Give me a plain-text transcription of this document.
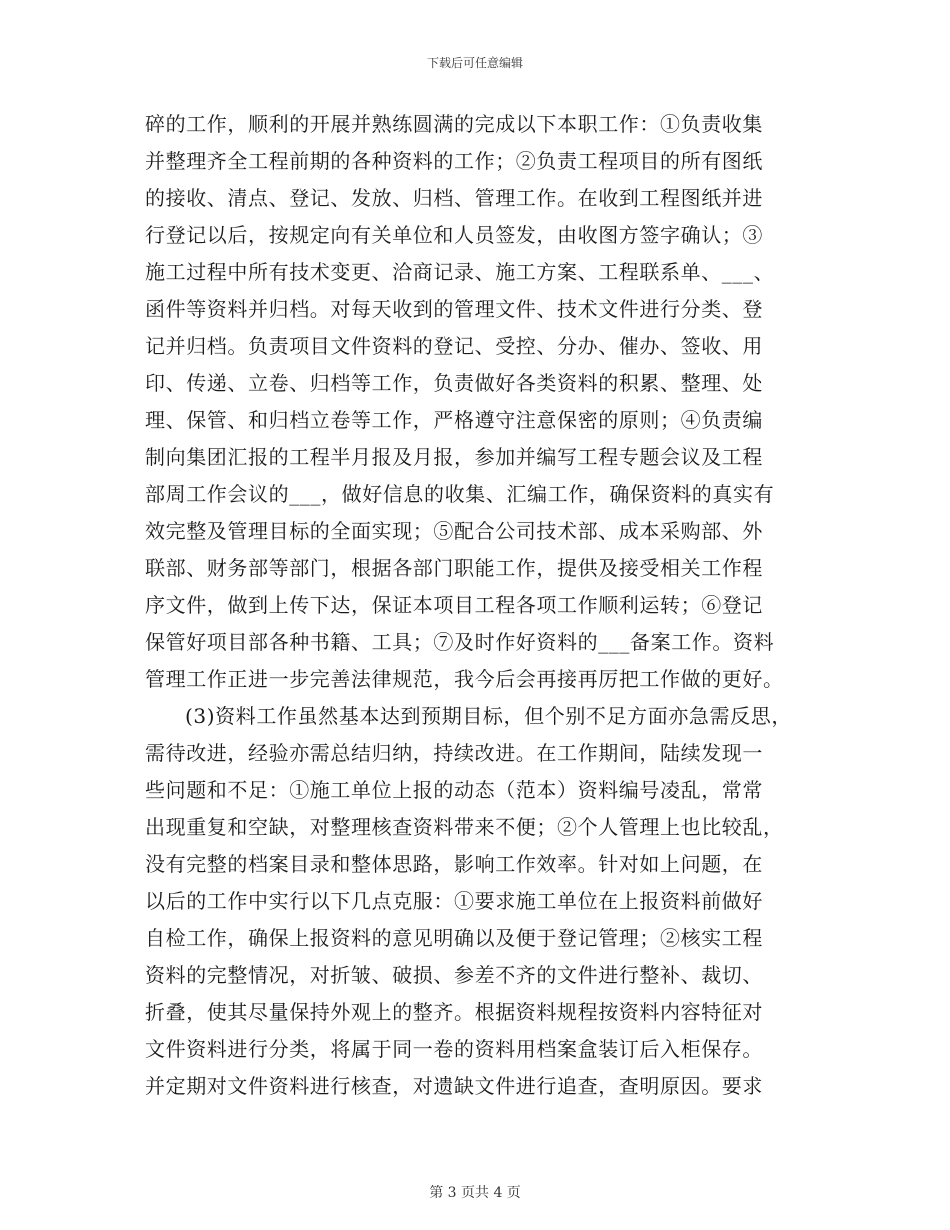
下载后可任意编辑
碎的工作，顺利的开展并熟练圆满的完成以下本职工作：①负责收集
并整理齐全工程前期的各种资料的工作；②负责工程项目的所有图纸
的接收、清点、登记、发放、归档、管理工作。在收到工程图纸并进
行登记以后，按规定向有关单位和人员签发，由收图方签字确认；③
施工过程中所有技术变更、洽商记录、施工方案、工程联系单、___、
函件等资料并归档。对每天收到的管理文件、技术文件进行分类、登
记并归档。负责项目文件资料的登记、受控、分办、催办、签收、用
印、传递、立卷、归档等工作，负责做好各类资料的积累、整理、处
理、保管、和归档立卷等工作，严格遵守注意保密的原则；④负责编
制向集团汇报的工程半月报及月报，参加并编写工程专题会议及工程
部周工作会议的___，做好信息的收集、汇编工作，确保资料的真实有
效完整及管理目标的全面实现；⑤配合公司技术部、成本采购部、外
联部、财务部等部门，根据各部门职能工作，提供及接受相关工作程
序文件，做到上传下达，保证本项目工程各项工作顺利运转；⑥登记
保管好项目部各种书籍、工具；⑦及时作好资料的___备案工作。资料
管理工作正进一步完善法律规范，我今后会再接再厉把工作做的更好。
(3)资料工作虽然基本达到预期目标，但个别不足方面亦急需反思，
需待改进，经验亦需总结归纳，持续改进。在工作期间，陆续发现一
些问题和不足：①施工单位上报的动态（范本）资料编号凌乱，常常
出现重复和空缺，对整理核查资料带来不便；②个人管理上也比较乱，
没有完整的档案目录和整体思路，影响工作效率。针对如上问题，在
以后的工作中实行以下几点克服：①要求施工单位在上报资料前做好
自检工作，确保上报资料的意见明确以及便于登记管理；②核实工程
资料的完整情况，对折皱、破损、参差不齐的文件进行整补、裁切、
折叠，使其尽量保持外观上的整齐。根据资料规程按资料内容特征对
文件资料进行分类，将属于同一卷的资料用档案盒装订后入柜保存。
并定期对文件资料进行核查，对遗缺文件进行追查，查明原因。要求
第 3 页共 4 页
